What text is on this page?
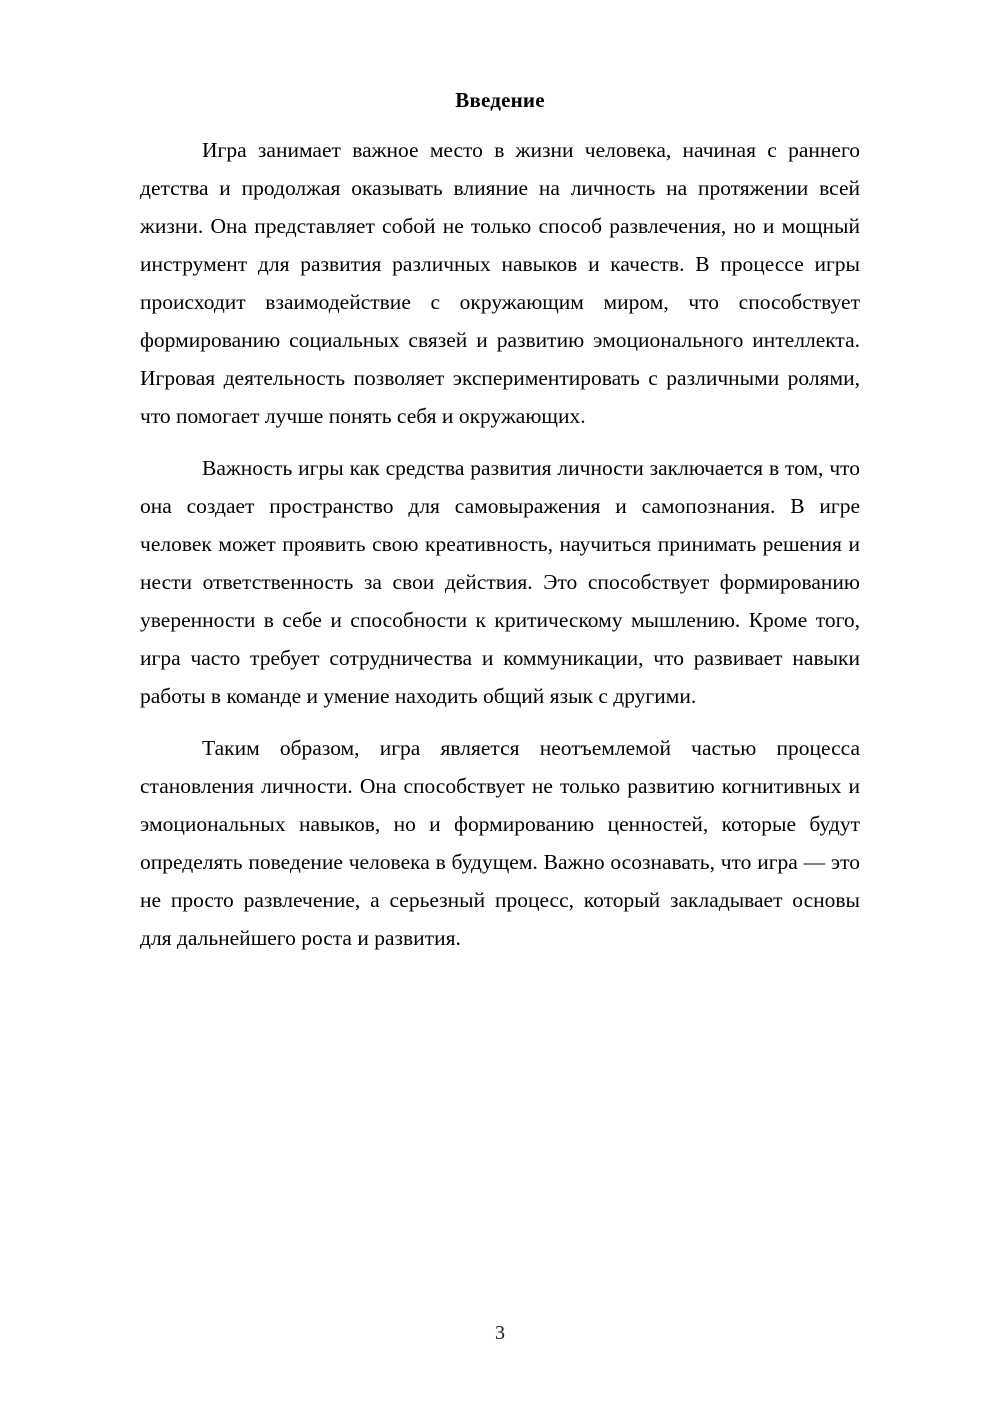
Введение

Игра занимает важное место в жизни человека, начиная с раннего детства и продолжая оказывать влияние на личность на протяжении всей жизни. Она представляет собой не только способ развлечения, но и мощный инструмент для развития различных навыков и качеств. В процессе игры происходит взаимодействие с окружающим миром, что способствует формированию социальных связей и развитию эмоционального интеллекта. Игровая деятельность позволяет экспериментировать с различными ролями, что помогает лучше понять себя и окружающих.

Важность игры как средства развития личности заключается в том, что она создает пространство для самовыражения и самопознания. В игре человек может проявить свою креативность, научиться принимать решения и нести ответственность за свои действия. Это способствует формированию уверенности в себе и способности к критическому мышлению. Кроме того, игра часто требует сотрудничества и коммуникации, что развивает навыки работы в команде и умение находить общий язык с другими.

Таким образом, игра является неотъемлемой частью процесса становления личности. Она способствует не только развитию когнитивных и эмоциональных навыков, но и формированию ценностей, которые будут определять поведение человека в будущем. Важно осознавать, что игра — это не просто развлечение, а серьезный процесс, который закладывает основы для дальнейшего роста и развития.

3
